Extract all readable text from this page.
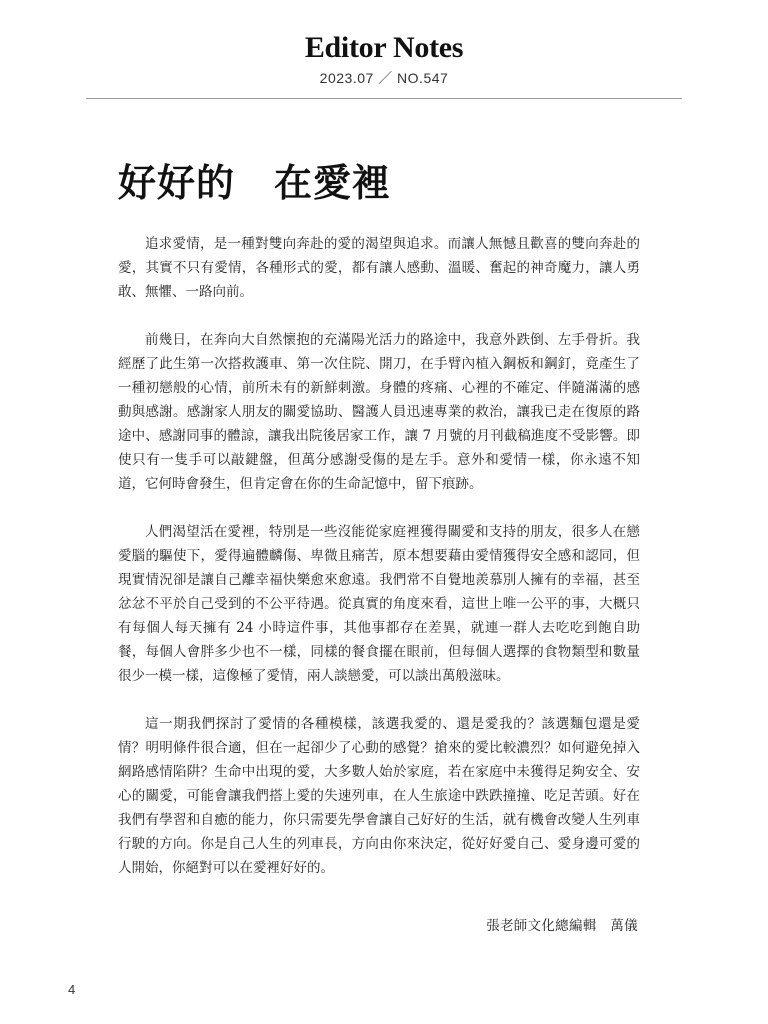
Editor Notes
2023.07 ／ NO.547
好好的　在愛裡

追求愛情，是一種對雙向奔赴的愛的渴望與追求。而讓人無憾且歡喜的雙向奔赴的愛，其實不只有愛情，各種形式的愛，都有讓人感動、溫暖、奮起的神奇魔力，讓人勇敢、無懼、一路向前。

前幾日，在奔向大自然懷抱的充滿陽光活力的路途中，我意外跌倒、左手骨折。我經歷了此生第一次搭救護車、第一次住院、開刀，在手臂內植入鋼板和鋼釘，竟產生了一種初戀般的心情，前所未有的新鮮刺激。身體的疼痛、心裡的不確定、伴隨滿滿的感動與感謝。感謝家人朋友的關愛協助、醫護人員迅速專業的救治，讓我已走在復原的路途中、感謝同事的體諒，讓我出院後居家工作，讓 7 月號的月刊截稿進度不受影響。即使只有一隻手可以敲鍵盤，但萬分感謝受傷的是左手。意外和愛情一樣，你永遠不知道，它何時會發生，但肯定會在你的生命記憶中，留下痕跡。

人們渴望活在愛裡，特別是一些沒能從家庭裡獲得關愛和支持的朋友，很多人在戀愛腦的驅使下，愛得遍體麟傷、卑微且痛苦，原本想要藉由愛情獲得安全感和認同，但現實情況卻是讓自己離幸福快樂愈來愈遠。我們常不自覺地羨慕別人擁有的幸福，甚至忿忿不平於自己受到的不公平待遇。從真實的角度來看，這世上唯一公平的事，大概只有每個人每天擁有 24 小時這件事，其他事都存在差異，就連一群人去吃吃到飽自助餐，每個人會胖多少也不一樣，同樣的餐食擺在眼前，但每個人選擇的食物類型和數量很少一模一樣，這像極了愛情，兩人談戀愛，可以談出萬般滋味。

這一期我們探討了愛情的各種模樣，該選我愛的、還是愛我的？該選麵包還是愛情？明明條件很合適，但在一起卻少了心動的感覺？搶來的愛比較濃烈？如何避免掉入網路感情陷阱？生命中出現的愛，大多數人始於家庭，若在家庭中未獲得足夠安全、安心的關愛，可能會讓我們搭上愛的失速列車，在人生旅途中跌跌撞撞、吃足苦頭。好在我們有學習和自癒的能力，你只需要先學會讓自己好好的生活，就有機會改變人生列車行駛的方向。你是自己人生的列車長，方向由你來決定，從好好愛自己、愛身邊可愛的人開始，你絕對可以在愛裡好好的。

張老師文化總編輯　萬儀
4
